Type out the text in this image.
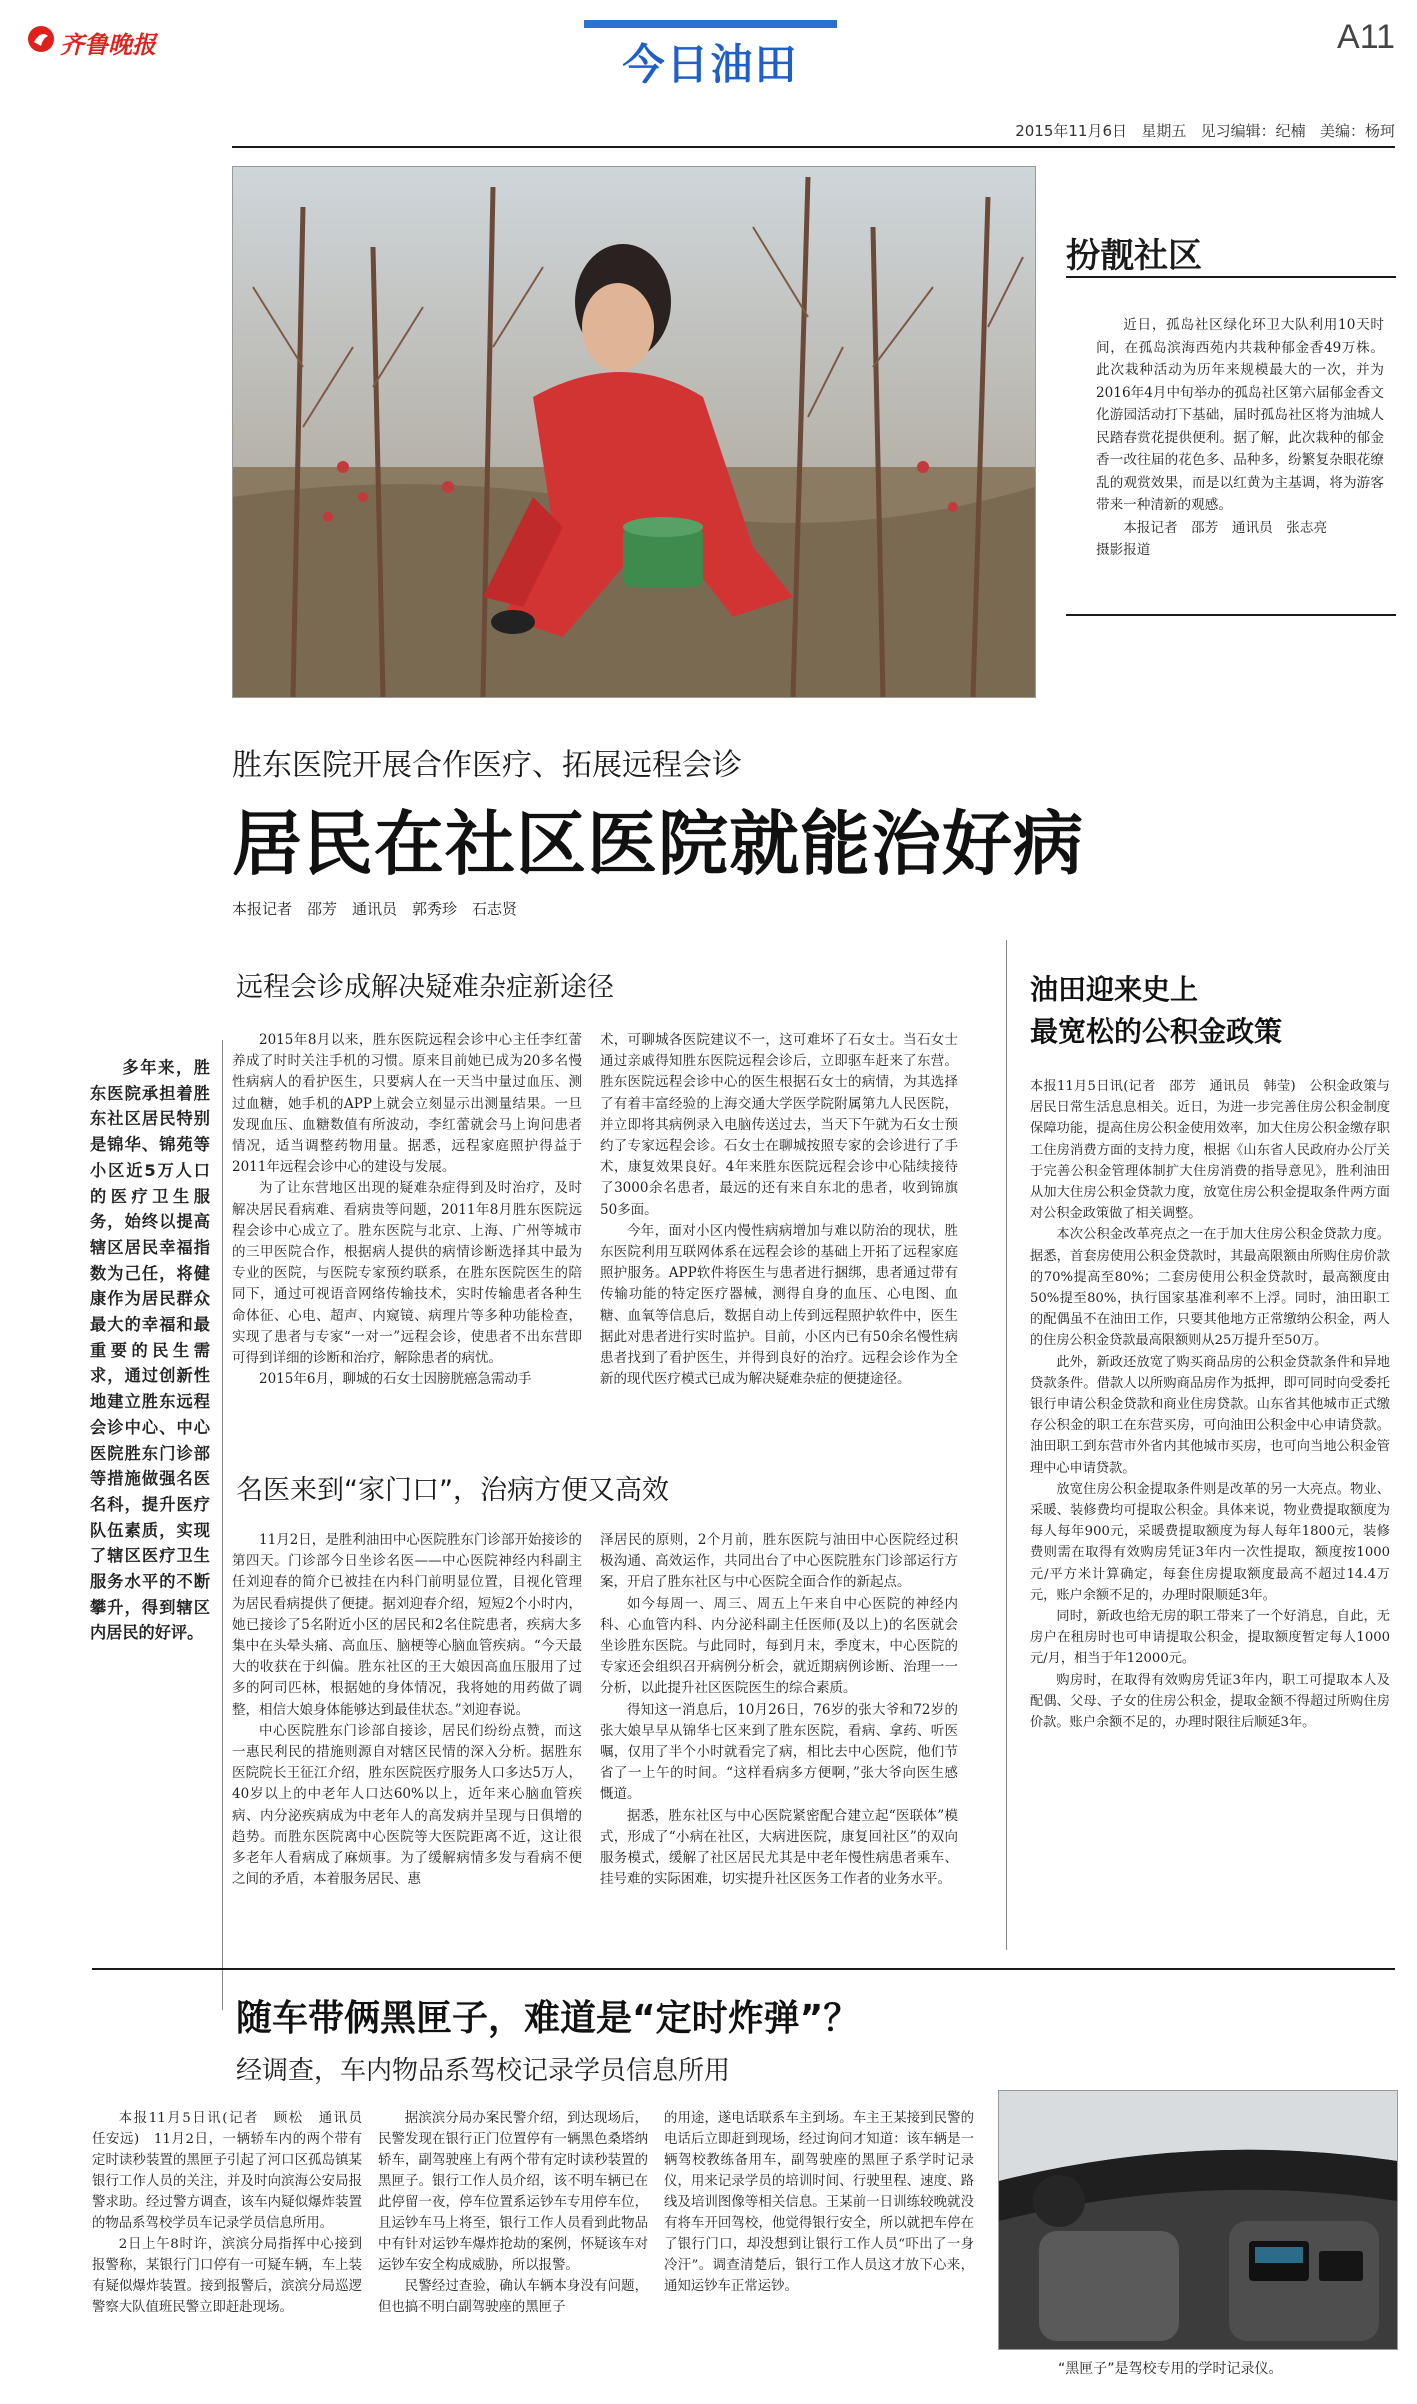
齐鲁晚报	今日油田
A11
2015年11月6日 星期五 见习编辑：纪楠 美编：杨珂
扮靓社区

近日，孤岛社区绿化环卫大队利用10天时间，在孤岛滨海西苑内共栽种郁金香49万株。此次栽种活动为历年来规模最大的一次，并为2016年4月中旬举办的孤岛社区第六届郁金香文化游园活动打下基础，届时孤岛社区将为油城人民踏春赏花提供便利。据了解，此次栽种的郁金香一改往届的花色多、品种多，纷繁复杂眼花缭乱的观赏效果，而是以红黄为主基调，将为游客带来一种清新的观感。

本报记者　邵芳　通讯员　张志亮

摄影报道
胜东医院开展合作医疗、拓展远程会诊
居民在社区医院就能治好病
本报记者　邵芳　通讯员　郭秀珍　石志贤
远程会诊成解决疑难杂症新途径

多年来，胜东医院承担着胜东社区居民特别是锦华、锦苑等小区近5万人口的医疗卫生服务，始终以提高辖区居民幸福指数为己任，将健康作为居民群众最大的幸福和最重要的民生需求，通过创新性地建立胜东远程会诊中心、中心医院胜东门诊部等措施做强名医名科，提升医疗队伍素质，实现了辖区医疗卫生服务水平的不断攀升，得到辖区内居民的好评。

2015年8月以来，胜东医院远程会诊中心主任李红蕾养成了时时关注手机的习惯。原来目前她已成为20多名慢性病病人的看护医生，只要病人在一天当中量过血压、测过血糖，她手机的APP上就会立刻显示出测量结果。一旦发现血压、血糖数值有所波动，李红蕾就会马上询问患者情况，适当调整药物用量。据悉，远程家庭照护得益于2011年远程会诊中心的建设与发展。

为了让东营地区出现的疑难杂症得到及时治疗，及时解决居民看病难、看病贵等问题，2011年8月胜东医院远程会诊中心成立了。胜东医院与北京、上海、广州等城市的三甲医院合作，根据病人提供的病情诊断选择其中最为专业的医院，与医院专家预约联系，在胜东医院医生的陪同下，通过可视语音网络传输技术，实时传输患者各种生命体征、心电、超声、内窥镜、病理片等多种功能检查，实现了患者与专家“一对一”远程会诊，使患者不出东营即可得到详细的诊断和治疗，解除患者的病忧。

2015年6月，聊城的石女士因膀胱癌急需动手

术，可聊城各医院建议不一，这可难坏了石女士。当石女士通过亲戚得知胜东医院远程会诊后，立即驱车赶来了东营。胜东医院远程会诊中心的医生根据石女士的病情，为其选择了有着丰富经验的上海交通大学医学院附属第九人民医院，并立即将其病例录入电脑传送过去，当天下午就为石女士预约了专家远程会诊。石女士在聊城按照专家的会诊进行了手术，康复效果良好。4年来胜东医院远程会诊中心陆续接待了3000余名患者，最远的还有来自东北的患者，收到锦旗50多面。

今年，面对小区内慢性病病增加与难以防治的现状，胜东医院利用互联网体系在远程会诊的基础上开拓了远程家庭照护服务。APP软件将医生与患者进行捆绑，患者通过带有传输功能的特定医疗器械，测得自身的血压、心电图、血糖、血氧等信息后，数据自动上传到远程照护软件中，医生据此对患者进行实时监护。目前，小区内已有50余名慢性病患者找到了看护医生，并得到良好的治疗。远程会诊作为全新的现代医疗模式已成为解决疑难杂症的便捷途径。

名医来到“家门口”，治病方便又高效

11月2日，是胜利油田中心医院胜东门诊部开始接诊的第四天。门诊部今日坐诊名医——中心医院神经内科副主任刘迎春的简介已被挂在内科门前明显位置，目视化管理为居民看病提供了便捷。据刘迎春介绍，短短2个小时内，她已接诊了5名附近小区的居民和2名住院患者，疾病大多集中在头晕头痛、高血压、脑梗等心脑血管疾病。“今天最大的收获在于纠偏。胜东社区的王大娘因高血压服用了过多的阿司匹林，根据她的身体情况，我将她的用药做了调整，相信大娘身体能够达到最佳状态。”刘迎春说。

中心医院胜东门诊部自接诊，居民们纷纷点赞，而这一惠民利民的措施则源自对辖区民情的深入分析。据胜东医院院长王征江介绍，胜东医院医疗服务人口多达5万人，40岁以上的中老年人口达60%以上，近年来心脑血管疾病、内分泌疾病成为中老年人的高发病并呈现与日俱增的趋势。而胜东医院离中心医院等大医院距离不近，这让很多老年人看病成了麻烦事。为了缓解病情多发与看病不便之间的矛盾，本着服务居民、惠

泽居民的原则，2个月前，胜东医院与油田中心医院经过积极沟通、高效运作，共同出台了中心医院胜东门诊部运行方案，开启了胜东社区与中心医院全面合作的新起点。

如今每周一、周三、周五上午来自中心医院的神经内科、心血管内科、内分泌科副主任医师(及以上)的名医就会坐诊胜东医院。与此同时，每到月末，季度末，中心医院的专家还会组织召开病例分析会，就近期病例诊断、治理一一分析，以此提升社区医院医生的综合素质。

得知这一消息后，10月26日，76岁的张大爷和72岁的张大娘早早从锦华七区来到了胜东医院，看病、拿药、听医嘱，仅用了半个小时就看完了病，相比去中心医院，他们节省了一上午的时间。“这样看病多方便啊，”张大爷向医生感慨道。

据悉，胜东社区与中心医院紧密配合建立起“医联体”模式，形成了“小病在社区，大病进医院，康复回社区”的双向服务模式，缓解了社区居民尤其是中老年慢性病患者乘车、挂号难的实际困难，切实提升社区医务工作者的业务水平。

油田迎来史上
最宽松的公积金政策

本报11月5日讯(记者　邵芳　通讯员　韩莹)　公积金政策与居民日常生活息息相关。近日，为进一步完善住房公积金制度保障功能，提高住房公积金使用效率，加大住房公积金缴存职工住房消费方面的支持力度，根据《山东省人民政府办公厅关于完善公积金管理体制扩大住房消费的指导意见》，胜利油田从加大住房公积金贷款力度，放宽住房公积金提取条件两方面对公积金政策做了相关调整。

本次公积金改革亮点之一在于加大住房公积金贷款力度。据悉，首套房使用公积金贷款时，其最高限额由所购住房价款的70%提高至80%；二套房使用公积金贷款时，最高额度由50%提至80%，执行国家基准利率不上浮。同时，油田职工的配偶虽不在油田工作，只要其他地方正常缴纳公积金，两人的住房公积金贷款最高限额则从25万提升至50万。

此外，新政还放宽了购买商品房的公积金贷款条件和异地贷款条件。借款人以所购商品房作为抵押，即可同时向受委托银行申请公积金贷款和商业住房贷款。山东省其他城市正式缴存公积金的职工在东营买房，可向油田公积金中心申请贷款。油田职工到东营市外省内其他城市买房，也可向当地公积金管理中心申请贷款。

放宽住房公积金提取条件则是改革的另一大亮点。物业、采暖、装修费均可提取公积金。具体来说，物业费提取额度为每人每年900元，采暖费提取额度为每人每年1800元，装修费则需在取得有效购房凭证3年内一次性提取，额度按1000元/平方米计算确定，每套住房提取额度最高不超过14.4万元，账户余额不足的，办理时限顺延3年。

同时，新政也给无房的职工带来了一个好消息，自此，无房户在租房时也可申请提取公积金，提取额度暂定每人1000元/月，相当于年12000元。

购房时，在取得有效购房凭证3年内，职工可提取本人及配偶、父母、子女的住房公积金，提取金额不得超过所购住房价款。账户余额不足的，办理时限往后顺延3年。

随车带俩黑匣子，难道是“定时炸弹”？
经调查，车内物品系驾校记录学员信息所用

本报11月5日讯(记者　顾松　通讯员　任安远)　11月2日，一辆轿车内的两个带有定时读秒装置的黑匣子引起了河口区孤岛镇某银行工作人员的关注，并及时向滨海公安局报警求助。经过警方调查，该车内疑似爆炸装置的物品系驾校学员车记录学员信息所用。

2日上午8时许，滨滨分局指挥中心接到报警称，某银行门口停有一可疑车辆，车上装有疑似爆炸装置。接到报警后，滨滨分局巡逻警察大队值班民警立即赶赴现场。

据滨滨分局办案民警介绍，到达现场后，民警发现在银行正门位置停有一辆黑色桑塔纳轿车，副驾驶座上有两个带有定时读秒装置的黑匣子。银行工作人员介绍，该不明车辆已在此停留一夜，停车位置系运钞车专用停车位，且运钞车马上将至，银行工作人员看到此物品中有针对运钞车爆炸抢劫的案例，怀疑该车对运钞车安全构成威胁，所以报警。

民警经过查验，确认车辆本身没有问题，但也搞不明白副驾驶座的黑匣子

的用途，遂电话联系车主到场。车主王某接到民警的电话后立即赶到现场，经过询问才知道：该车辆是一辆驾校教练备用车，副驾驶座的黑匣子系学时记录仪，用来记录学员的培训时间、行驶里程、速度、路线及培训图像等相关信息。王某前一日训练较晚就没有将车开回驾校，他觉得银行安全，所以就把车停在了银行门口，却没想到让银行工作人员“吓出了一身冷汗”。调查清楚后，银行工作人员这才放下心来，通知运钞车正常运钞。

“黑匣子”是驾校专用的学时记录仪。
